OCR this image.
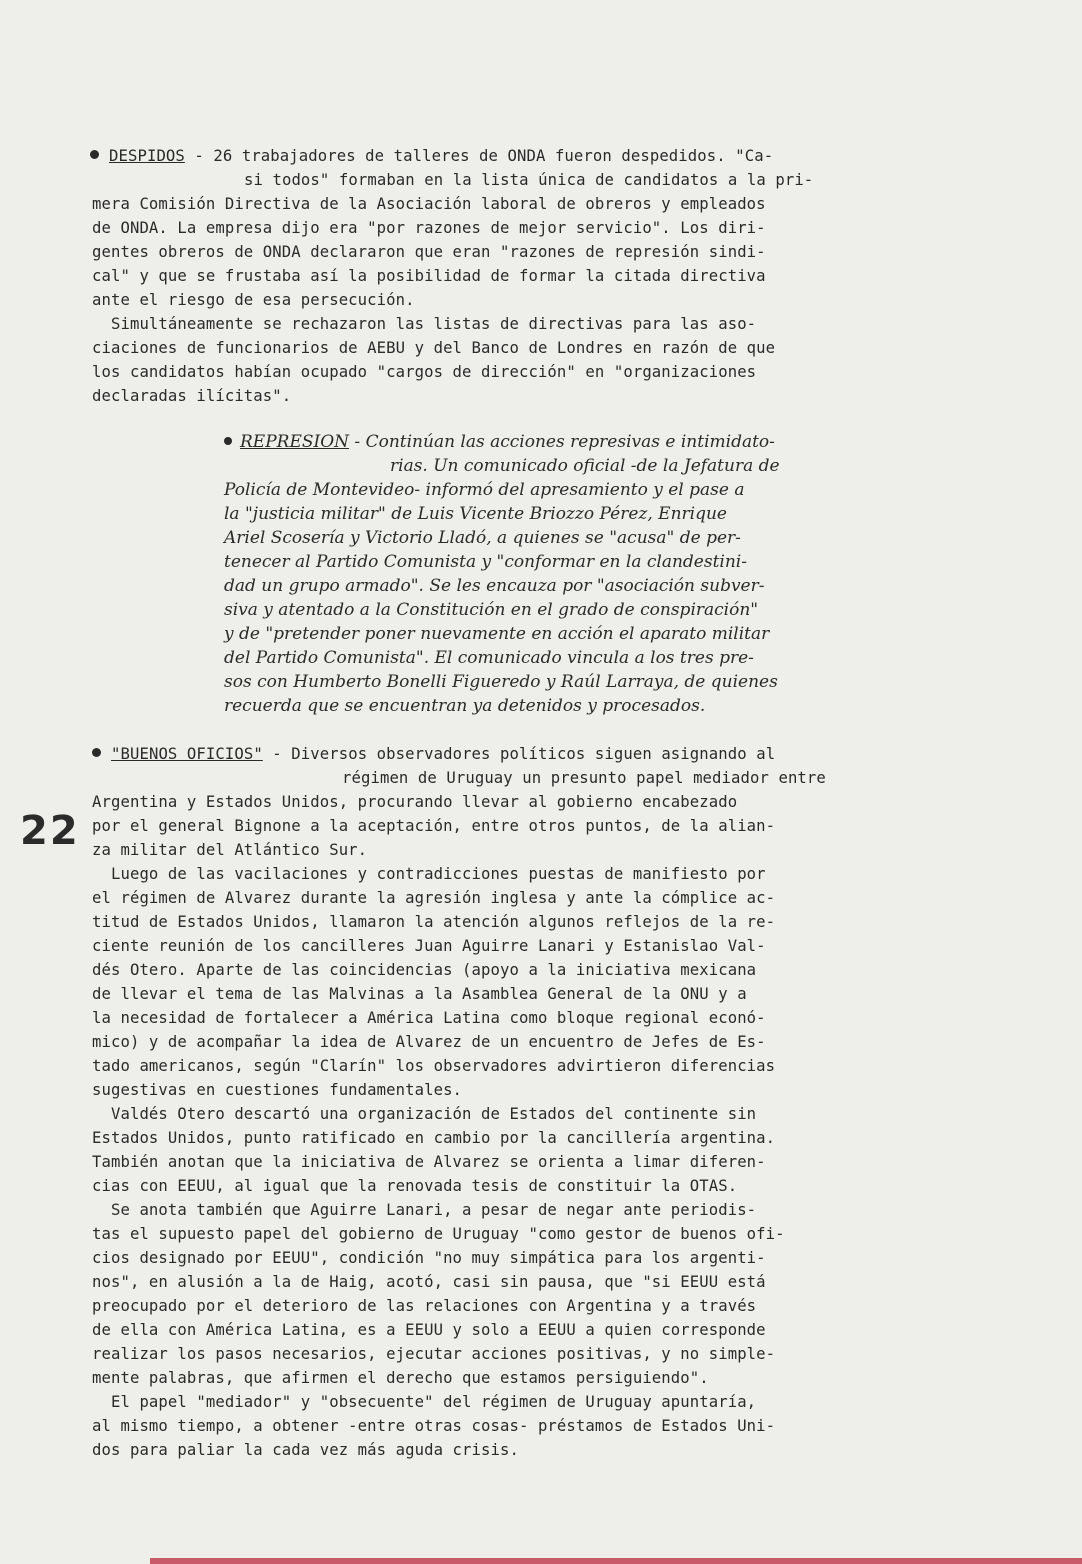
DESPIDOS - 26 trabajadores de talleres de ONDA fueron despedidos. "Ca-
si todos" formaban en la lista única de candidatos a la pri-
mera Comisión Directiva de la Asociación laboral de obreros y empleados
de ONDA. La empresa dijo era "por razones de mejor servicio". Los diri-
gentes obreros de ONDA declararon que eran "razones de represión sindi-
cal" y que se frustaba así la posibilidad de formar la citada directiva
ante el riesgo de esa persecución.
Simultáneamente se rechazaron las listas de directivas para las aso-
ciaciones de funcionarios de AEBU y del Banco de Londres en razón de que
los candidatos habían ocupado "cargos de dirección" en "organizaciones
declaradas ilícitas".
REPRESION - Continúan las acciones represivas e intimidato-
rias. Un comunicado oficial -de la Jefatura de
Policía de Montevideo- informó del apresamiento y el pase a
la "justicia militar" de Luis Vicente Briozzo Pérez, Enrique
Ariel Scosería y Victorio Lladó, a quienes se "acusa" de per-
tenecer al Partido Comunista y "conformar en la clandestini-
dad un grupo armado". Se les encauza por "asociación subver-
siva y atentado a la Constitución en el grado de conspiración"
y de "pretender poner nuevamente en acción el aparato militar
del Partido Comunista". El comunicado vincula a los tres pre-
sos con Humberto Bonelli Figueredo y Raúl Larraya, de quienes
recuerda que se encuentran ya detenidos y procesados.
22
"BUENOS OFICIOS" - Diversos observadores políticos siguen asignando al
régimen de Uruguay un presunto papel mediador entre
Argentina y Estados Unidos, procurando llevar al gobierno encabezado
por el general Bignone a la aceptación, entre otros puntos, de la alian-
za militar del Atlántico Sur.
Luego de las vacilaciones y contradicciones puestas de manifiesto por
el régimen de Alvarez durante la agresión inglesa y ante la cómplice ac-
titud de Estados Unidos, llamaron la atención algunos reflejos de la re-
ciente reunión de los cancilleres Juan Aguirre Lanari y Estanislao Val-
dés Otero. Aparte de las coincidencias (apoyo a la iniciativa mexicana
de llevar el tema de las Malvinas a la Asamblea General de la ONU y a
la necesidad de fortalecer a América Latina como bloque regional econó-
mico) y de acompañar la idea de Alvarez de un encuentro de Jefes de Es-
tado americanos, según "Clarín" los observadores advirtieron diferencias
sugestivas en cuestiones fundamentales.
Valdés Otero descartó una organización de Estados del continente sin
Estados Unidos, punto ratificado en cambio por la cancillería argentina.
También anotan que la iniciativa de Alvarez se orienta a limar diferen-
cias con EEUU, al igual que la renovada tesis de constituir la OTAS.
Se anota también que Aguirre Lanari, a pesar de negar ante periodis-
tas el supuesto papel del gobierno de Uruguay "como gestor de buenos ofi-
cios designado por EEUU", condición "no muy simpática para los argenti-
nos", en alusión a la de Haig, acotó, casi sin pausa, que "si EEUU está
preocupado por el deterioro de las relaciones con Argentina y a través
de ella con América Latina, es a EEUU y solo a EEUU a quien corresponde
realizar los pasos necesarios, ejecutar acciones positivas, y no simple-
mente palabras, que afirmen el derecho que estamos persiguiendo".
El papel "mediador" y "obsecuente" del régimen de Uruguay apuntaría,
al mismo tiempo, a obtener -entre otras cosas- préstamos de Estados Uni-
dos para paliar la cada vez más aguda crisis.
